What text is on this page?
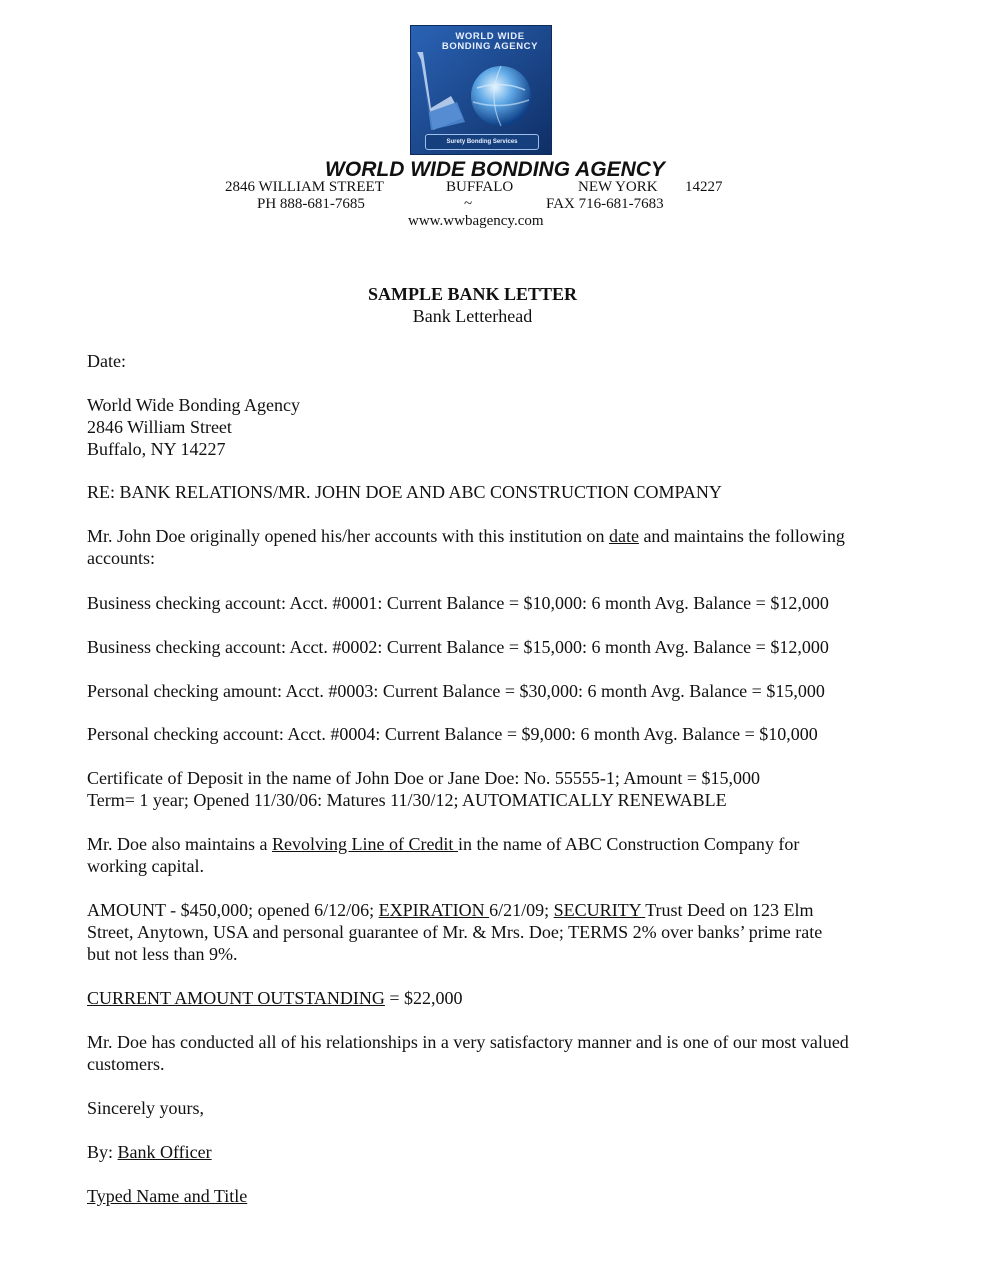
WORLD WIDE
BONDING AGENCY
Surety Bonding Services
WORLD WIDE BONDING AGENCY
2846 WILLIAM STREET	BUFFALO	NEW YORK 14227
PH 888-681-7685	~	FAX 716-681-7683
www.wwbagency.com
SAMPLE BANK LETTER
Bank Letterhead
Date:
World Wide Bonding Agency
2846 William Street
Buffalo, NY 14227
RE: BANK RELATIONS/MR. JOHN DOE AND ABC CONSTRUCTION COMPANY
Mr. John Doe originally opened his/her accounts with this institution on date and maintains the following
accounts:
Business checking account: Acct. #0001: Current Balance = $10,000: 6 month Avg. Balance = $12,000
Business checking account: Acct. #0002: Current Balance = $15,000: 6 month Avg. Balance = $12,000
Personal checking amount: Acct. #0003: Current Balance = $30,000: 6 month Avg. Balance = $15,000
Personal checking account: Acct. #0004: Current Balance = $9,000: 6 month Avg. Balance = $10,000
Certificate of Deposit in the name of John Doe or Jane Doe: No. 55555-1; Amount = $15,000
Term= 1 year; Opened 11/30/06: Matures 11/30/12; AUTOMATICALLY RENEWABLE
Mr. Doe also maintains a Revolving Line of Credit in the name of ABC Construction Company for
working capital.
AMOUNT - $450,000; opened 6/12/06; EXPIRATION 6/21/09; SECURITY Trust Deed on 123 Elm
Street, Anytown, USA and personal guarantee of Mr. & Mrs. Doe; TERMS 2% over banks’ prime rate
but not less than 9%.
CURRENT AMOUNT OUTSTANDING = $22,000
Mr. Doe has conducted all of his relationships in a very satisfactory manner and is one of our most valued
customers.
Sincerely yours,
By: Bank Officer
Typed Name and Title
